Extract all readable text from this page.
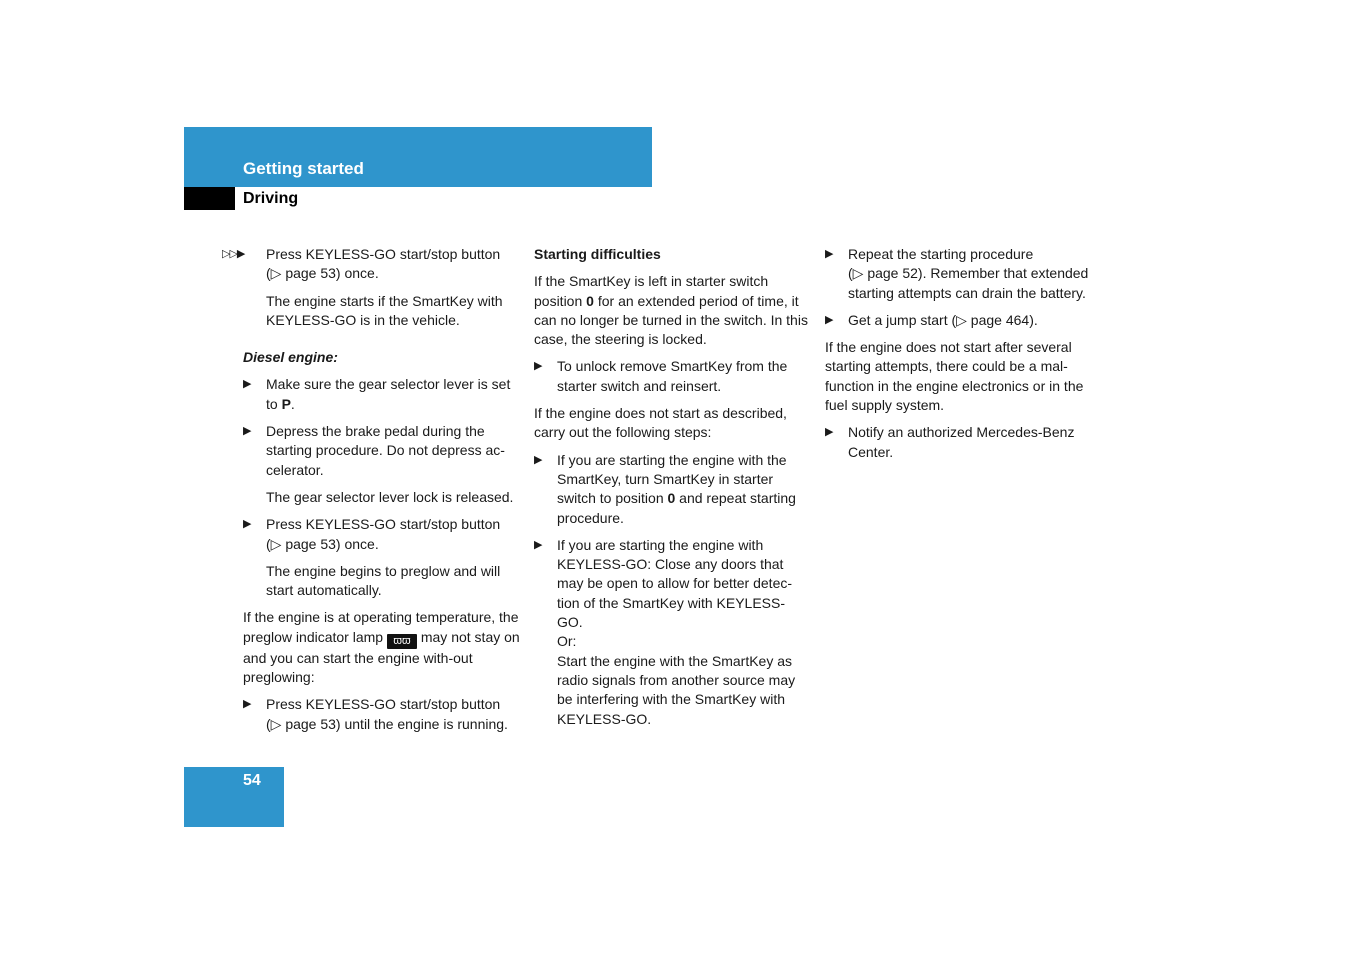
Getting started
Driving
▷▷▶ Press KEYLESS-GO start/stop button
(▷ page 53) once.
The engine starts if the SmartKey with KEYLESS-GO is in the vehicle.
Diesel engine:
▶ Make sure the gear selector lever is set to P.
▶ Depress the brake pedal during the starting procedure. Do not depress ac-celerator.
The gear selector lever lock is released.
▶ Press KEYLESS-GO start/stop button
(▷ page 53) once.
The engine begins to preglow and will start automatically.
If the engine is at operating temperature, the preglow indicator lamp ϖϖ may not stay on and you can start the engine with-out preglowing:
▶ Press KEYLESS-GO start/stop button
(▷ page 53) until the engine is running.
Starting difficulties
If the SmartKey is left in starter switch position 0 for an extended period of time, it can no longer be turned in the switch. In this case, the steering is locked.
▶ To unlock remove SmartKey from the starter switch and reinsert.
If the engine does not start as described, carry out the following steps:
▶ If you are starting the engine with the SmartKey, turn SmartKey in starter switch to position 0 and repeat starting procedure.
▶ If you are starting the engine with KEYLESS-GO: Close any doors that may be open to allow for better detec-tion of the SmartKey with KEYLESS-GO.
Or:
Start the engine with the SmartKey as radio signals from another source may be interfering with the SmartKey with KEYLESS-GO.
▶ Repeat the starting procedure
(▷ page 52). Remember that extended starting attempts can drain the battery.
▶ Get a jump start (▷ page 464).
If the engine does not start after several starting attempts, there could be a mal-function in the engine electronics or in the fuel supply system.
▶ Notify an authorized Mercedes-Benz Center.
54
